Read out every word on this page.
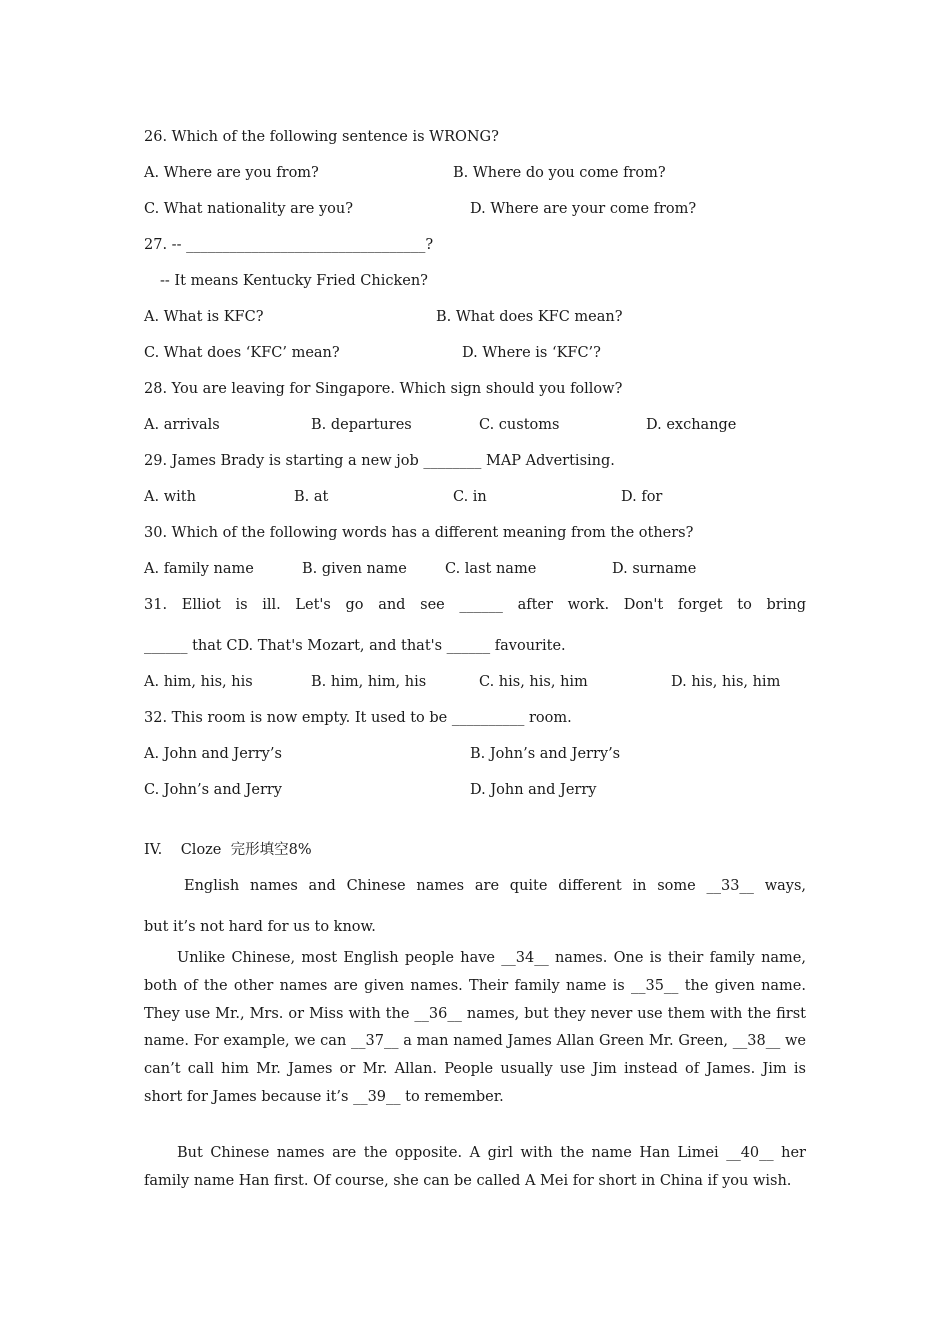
26. Which of the following sentence is WRONG?
A. Where are you from?	B. Where do you come from?
C. What nationality are you?	D. Where are your come from?
27. -- _________________________________?
-- It means Kentucky Fried Chicken?
A. What is KFC?	B. What does KFC mean?
C. What does ‘KFC’ mean?	D. Where is ‘KFC’?
28. You are leaving for Singapore. Which sign should you follow?
A. arrivals	B. departures	C. customs	D. exchange
29. James Brady is starting a new job ________ MAP Advertising.
A. with	B. at	C. in	D. for
30. Which of the following words has a different meaning from the others?
A. family name	B. given name	C. last name	D. surname
31. Elliot is ill. Let's go and see ______ after work. Don't forget to bring
______ that CD. That's Mozart, and that's ______ favourite.
A. him, his, his	B. him, him, his	C. his, his, him	D. his, his, him
32. This room is now empty. It used to be __________ room.
A. John and Jerry’s	B. John’s and Jerry’s
C. John’s and Jerry	D. John and Jerry
IV.    Cloze  完形填空8%
English names and Chinese names are quite different in some __33__ ways,
but it’s not hard for us to know.
Unlike Chinese, most English people have __34__ names. One is their family name, both of the other names are given names. Their family name is __35__ the given name. They use Mr., Mrs. or Miss with the __36__ names, but they never use them with the first name. For example, we can __37__ a man named James Allan Green Mr. Green, __38__ we can’t call him Mr. James or Mr. Allan. People usually use Jim instead of James. Jim is short for James because it’s __39__ to remember.
But Chinese names are the opposite. A girl with the name Han Limei __40__ her family name Han first. Of course, she can be called A Mei for short in China if you wish.
